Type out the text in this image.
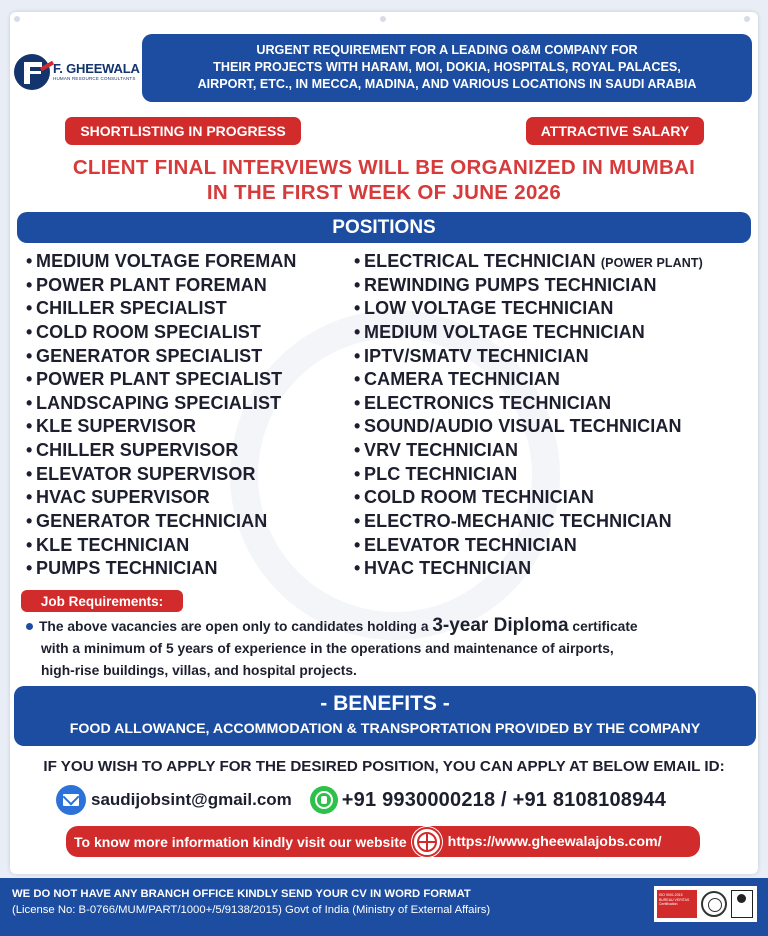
F. GHEEWALA
HUMAN RESOURCE CONSULTANTS
URGENT REQUIREMENT FOR A LEADING O&M COMPANY FOR
THEIR PROJECTS WITH HARAM, MOI, DOKIA, HOSPITALS, ROYAL PALACES,
AIRPORT, ETC., IN MECCA, MADINA, AND VARIOUS LOCATIONS IN SAUDI ARABIA
SHORTLISTING IN PROGRESS	ATTRACTIVE SALARY
CLIENT FINAL INTERVIEWS WILL BE ORGANIZED IN MUMBAI
IN THE FIRST WEEK OF JUNE 2026
POSITIONS
• MEDIUM VOLTAGE FOREMAN
• POWER PLANT FOREMAN
• CHILLER SPECIALIST
• COLD ROOM SPECIALIST
• GENERATOR SPECIALIST
• POWER PLANT SPECIALIST
• LANDSCAPING SPECIALIST
• KLE SUPERVISOR
• CHILLER SUPERVISOR
• ELEVATOR SUPERVISOR
• HVAC SUPERVISOR
• GENERATOR TECHNICIAN
• KLE TECHNICIAN
• PUMPS TECHNICIAN
• ELECTRICAL TECHNICIAN (POWER PLANT)
• REWINDING PUMPS TECHNICIAN
• LOW VOLTAGE TECHNICIAN
• MEDIUM VOLTAGE TECHNICIAN
• IPTV/SMATV TECHNICIAN
• CAMERA TECHNICIAN
• ELECTRONICS TECHNICIAN
• SOUND/AUDIO VISUAL TECHNICIAN
• VRV TECHNICIAN
• PLC TECHNICIAN
• COLD ROOM TECHNICIAN
• ELECTRO-MECHANIC TECHNICIAN
• ELEVATOR TECHNICIAN
• HVAC TECHNICIAN
Job Requirements:
The above vacancies are open only to candidates holding a 3-year Diploma certificate
with a minimum of 5 years of experience in the operations and maintenance of airports,
high-rise buildings, villas, and hospital projects.
- BENEFITS -
FOOD ALLOWANCE, ACCOMMODATION & TRANSPORTATION PROVIDED BY THE COMPANY
IF YOU WISH TO APPLY FOR THE DESIRED POSITION, YOU CAN APPLY AT BELOW EMAIL ID:
saudijobsint@gmail.com	+91 9930000218 / +91 8108108944
To know more information kindly visit our website	https://www.gheewalajobs.com/
WE DO NOT HAVE ANY BRANCH OFFICE KINDLY SEND YOUR CV IN WORD FORMAT
(License No: B-0766/MUM/PART/1000+/5/9138/2015) Govt of India (Ministry of External Affairs)
ISO 9001:2015 BUREAU VERITAS Certification
